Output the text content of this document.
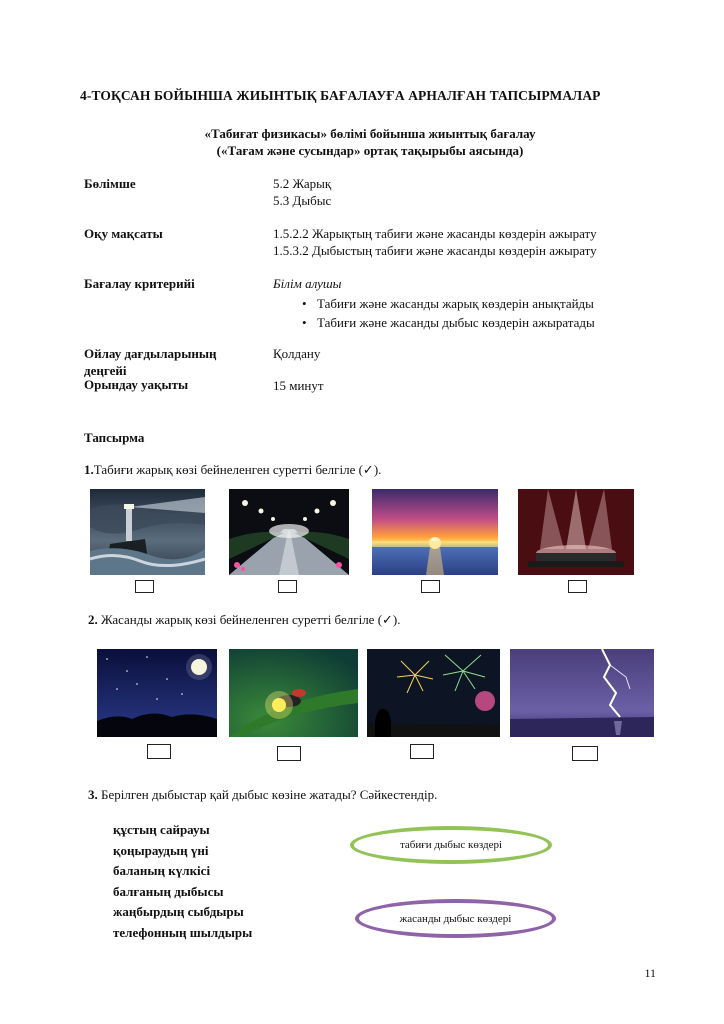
4-ТОҚСАН БОЙЫНША ЖИЫНТЫҚ БАҒАЛАУҒА АРНАЛҒАН ТАПСЫРМАЛАР
«Табиғат физикасы» бөлімі бойынша жиынтық бағалау
(«Тағам және сусындар» ортақ тақырыбы аясында)
Бөлімше	5.2 Жарық
5.3 Дыбыс
Оқу мақсаты	1.5.2.2 Жарықтың табиғи және жасанды көздерін ажырату
1.5.3.2 Дыбыстың табиғи және жасанды көздерін ажырату
Бағалау критерийі	Білім алушы
• Табиғи және жасанды жарық көздерін анықтайды
• Табиғи және жасанды дыбыс көздерін ажыратады
Ойлау дағдыларының
деңгейі
Қолдану
Орындау уақыты	15 минут
Тапсырма
1.Табиғи жарық көзі бейнеленген суретті белгіле (✓).
2. Жасанды жарық көзі бейнеленген суретті белгіле (✓).
3. Берілген дыбыстар қай дыбыс көзіне жатады? Сәйкестендір.
құстың сайрауы
қоңыраудың үні
баланың күлкісі
балғаның дыбысы
жаңбырдың сыбдыры
телефонның шылдыры
табиғи дыбыс көздері
жасанды дыбыс көздері
11
